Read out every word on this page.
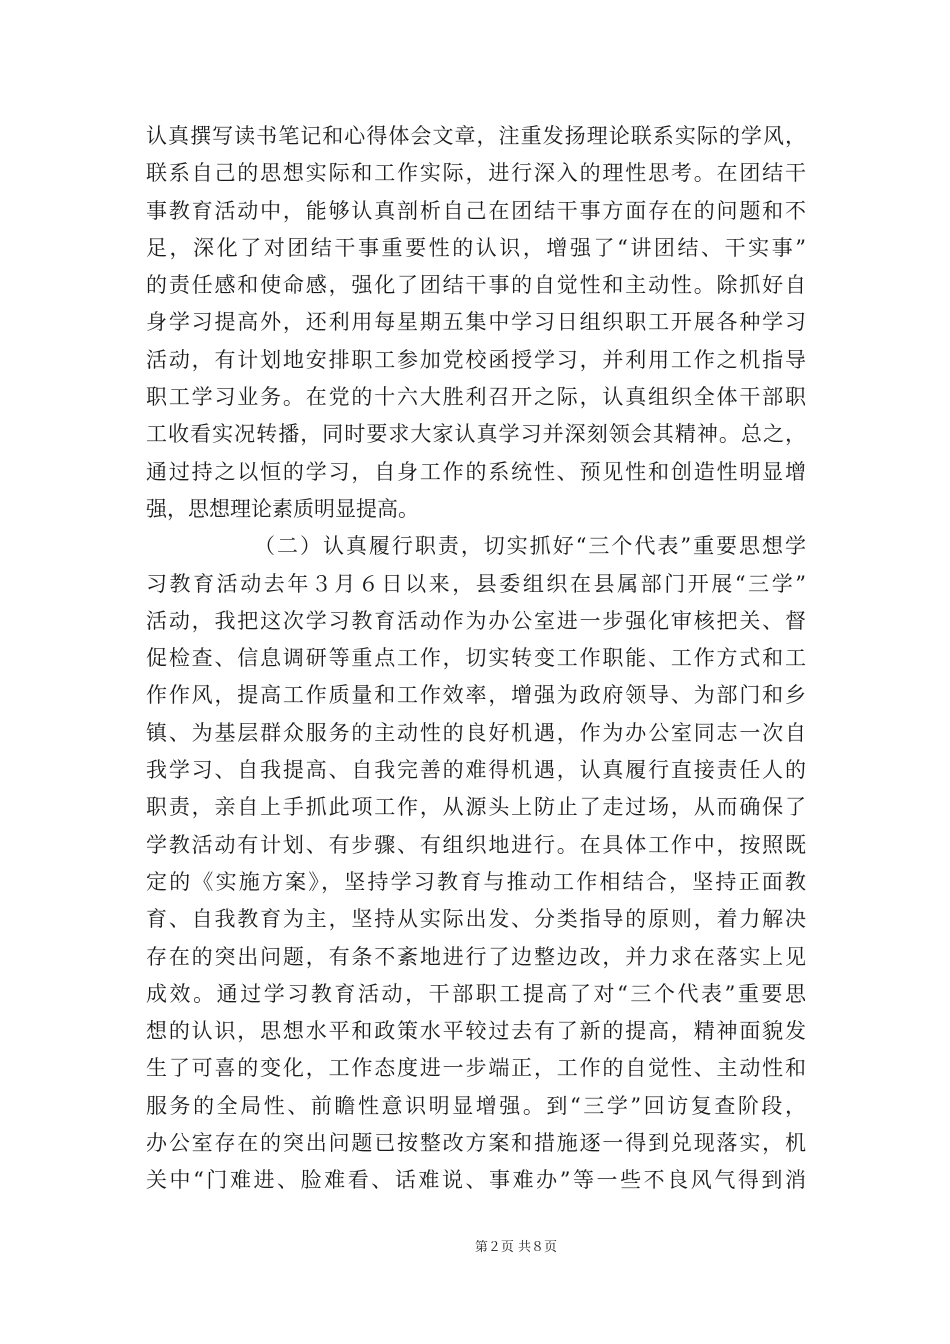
认真撰写读书笔记和心得体会文章，注重发扬理论联系实际的学风，
联系自己的思想实际和工作实际，进行深入的理性思考。在团结干
事教育活动中，能够认真剖析自己在团结干事方面存在的问题和不
足，深化了对团结干事重要性的认识，增强了“讲团结、干实事”
的责任感和使命感，强化了团结干事的自觉性和主动性。除抓好自
身学习提高外，还利用每星期五集中学习日组织职工开展各种学习
活动，有计划地安排职工参加党校函授学习，并利用工作之机指导
职工学习业务。在党的十六大胜利召开之际，认真组织全体干部职
工收看实况转播，同时要求大家认真学习并深刻领会其精神。总之，
通过持之以恒的学习，自身工作的系统性、预见性和创造性明显增
强，思想理论素质明显提高。
（二）认真履行职责，切实抓好“三个代表”重要思想学
习教育活动去年３月６日以来，县委组织在县属部门开展“三学”
活动，我把这次学习教育活动作为办公室进一步强化审核把关、督
促检查、信息调研等重点工作，切实转变工作职能、工作方式和工
作作风，提高工作质量和工作效率，增强为政府领导、为部门和乡
镇、为基层群众服务的主动性的良好机遇，作为办公室同志一次自
我学习、自我提高、自我完善的难得机遇，认真履行直接责任人的
职责，亲自上手抓此项工作，从源头上防止了走过场，从而确保了
学教活动有计划、有步骤、有组织地进行。在具体工作中，按照既
定的《实施方案》，坚持学习教育与推动工作相结合，坚持正面教
育、自我教育为主，坚持从实际出发、分类指导的原则，着力解决
存在的突出问题，有条不紊地进行了边整边改，并力求在落实上见
成效。通过学习教育活动，干部职工提高了对“三个代表”重要思
想的认识，思想水平和政策水平较过去有了新的提高，精神面貌发
生了可喜的变化，工作态度进一步端正，工作的自觉性、主动性和
服务的全局性、前瞻性意识明显增强。到“三学”回访复查阶段，
办公室存在的突出问题已按整改方案和措施逐一得到兑现落实，机
关中“门难进、脸难看、话难说、事难办”等一些不良风气得到消
第２页 共８页
